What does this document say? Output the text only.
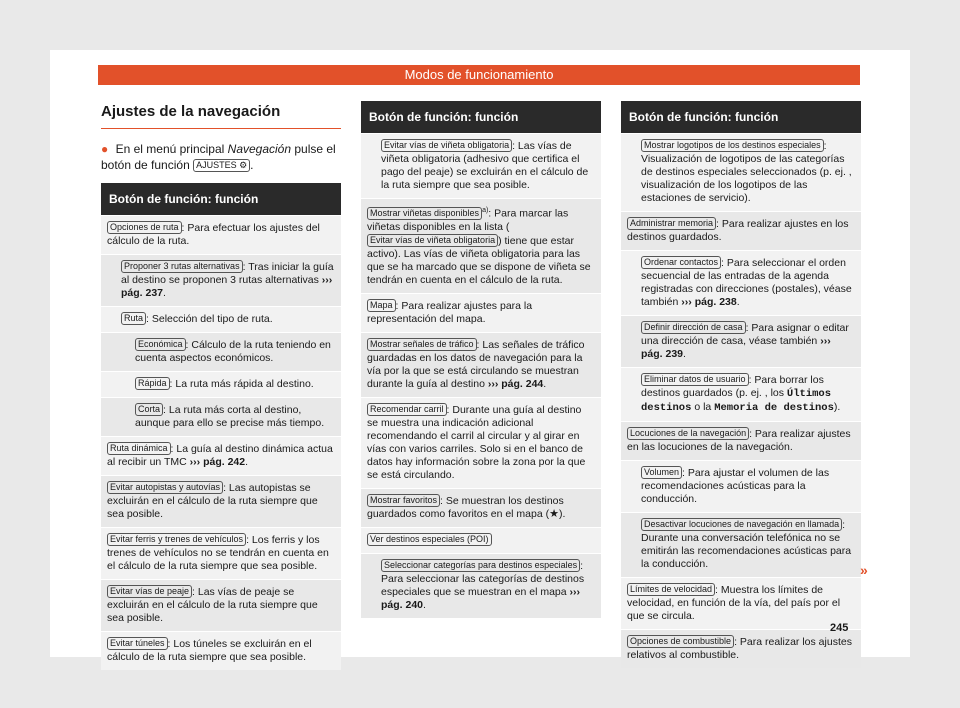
Modos de funcionamiento
Ajustes de la navegación
● En el menú principal Navegación pulse el botón de función AJUSTES ⚙ .
Botón de función: función
Opciones de ruta : Para efectuar los ajustes del cálculo de la ruta.
Proponer 3 rutas alternativas : Tras iniciar la guía al destino se proponen 3 rutas alternativas ››› pág. 237.
Ruta : Selección del tipo de ruta.
Económica : Cálculo de la ruta teniendo en cuenta aspectos económicos.
Rápida : La ruta más rápida al destino.
Corta : La ruta más corta al destino, aunque para ello se precise más tiempo.
Ruta dinámica : La guía al destino dinámica actua al recibir un TMC ››› pág. 242.
Evitar autopistas y autovías : Las autopistas se excluirán en el cálculo de la ruta siempre que sea posible.
Evitar ferris y trenes de vehículos : Los ferris y los trenes de vehículos no se tendrán en cuenta en el cálculo de la ruta siempre que sea posible.
Evitar vías de peaje : Las vías de peaje se excluirán en el cálculo de la ruta siempre que sea posible.
Evitar túneles : Los túneles se excluirán en el cálculo de la ruta siempre que sea posible.
Botón de función: función
Evitar vías de viñeta obligatoria : Las vías de viñeta obligatoria (adhesivo que certifica el pago del peaje) se excluirán en el cálculo de la ruta siempre que sea posible.
Mostrar viñetas disponibles $^{a)}$: Para marcar las viñetas disponibles en la lista (Evitar vías de viñeta obligatoria ) tiene que estar activo). Las vías de viñeta obligatoria para las que se ha marcado que se dispone de viñeta se tendrán en cuenta en el cálculo de la ruta.
Mapa : Para realizar ajustes para la representación del mapa.
Mostrar señales de tráfico : Las señales de tráfico guardadas en los datos de navegación para la vía por la que se está circulando se muestran durante la guía al destino ››› pág. 244.
Recomendar carril : Durante una guía al destino se muestra una indicación adicional recomendando el carril al circular y al girar en vías con varios carriles. Solo si en el banco de datos hay información sobre la zona por la que se está circulando.
Mostrar favoritos : Se muestran los destinos guardados como favoritos en el mapa (★).
Ver destinos especiales (POI)
Seleccionar categorías para destinos especiales : Para seleccionar las categorías de destinos especiales que se muestran en el mapa ››› pág. 240.
Botón de función: función
Mostrar logotipos de los destinos especiales : Visualización de logotipos de las categorías de destinos especiales seleccionados (p. ej. , visualización de los logotipos de las estaciones de servicio).
Administrar memoria : Para realizar ajustes en los destinos guardados.
Ordenar contactos : Para seleccionar el orden secuencial de las entradas de la agenda registradas con direcciones (postales), véase también ››› pág. 238.
Definir dirección de casa : Para asignar o editar una dirección de casa, véase también ››› pág. 239.
Eliminar datos de usuario : Para borrar los destinos guardados (p. ej. , los Últimos destinos o la Memoria de destinos).
Locuciones de la navegación : Para realizar ajustes en las locuciones de la navegación.
Volumen : Para ajustar el volumen de las recomendaciones acústicas para la conducción.
Desactivar locuciones de navegación en llamada : Durante una conversación telefónica no se emitirán las recomendaciones acústicas para la conducción.
Límites de velocidad : Muestra los límites de velocidad, en función de la vía, del país por el que se circula.
Opciones de combustible : Para realizar los ajustes relativos al combustible.
»
245
